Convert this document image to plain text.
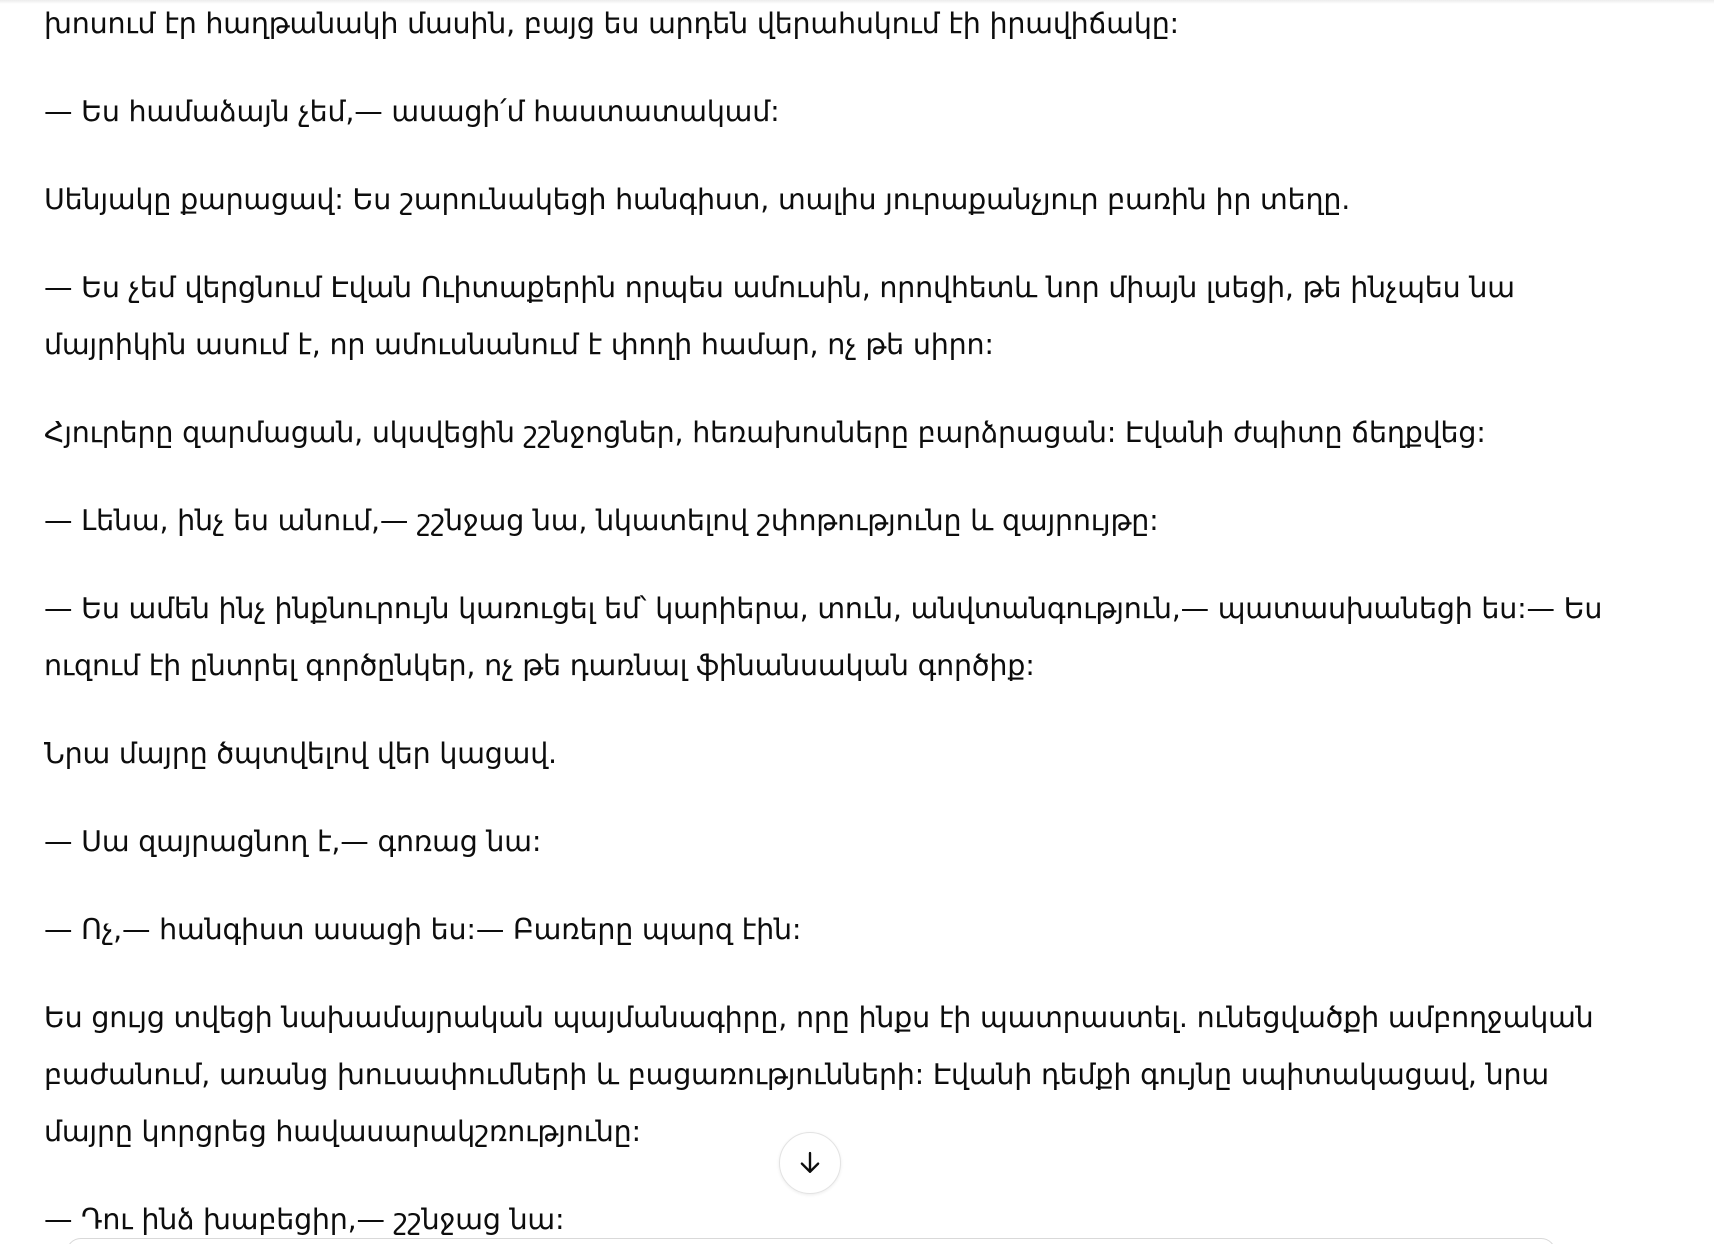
խոսում էր հաղթանակի մասին, բայց ես արդեն վերահսկում էի իրավիճակը:

— Ես համաձայն չեմ,— ասացի՛մ հաստատակամ:

Սենյակը քարացավ: Ես շարունակեցի հանգիստ, տալիս յուրաքանչյուր բառին իր տեղը.

— Ես չեմ վերցնում Էվան Ուիտաքերին որպես ամուսին, որովհետև նոր միայն լսեցի, թե ինչպես նա մայրիկին ասում է, որ ամուսնանում է փողի համար, ոչ թե սիրո:

Հյուրերը զարմացան, սկսվեցին շշնջոցներ, հեռախոսները բարձրացան: Էվանի ժպիտը ճեղքվեց:

— Լենա, ինչ ես անում,— շշնջաց նա, նկատելով շփոթությունը և զայրույթը:

— Ես ամեն ինչ ինքնուրույն կառուցել եմ՝ կարիերա, տուն, անվտանգություն,— պատասխանեցի ես:— Ես ուզում էի ընտրել գործընկեր, ոչ թե դառնալ ֆինանսական գործիք:

Նրա մայրը ծպտվելով վեր կացավ.

— Սա զայրացնող է,— գոռաց նա:

— Ոչ,— հանգիստ ասացի ես:— Բառերը պարզ էին:

Ես ցույց տվեցի նախամայրական պայմանագիրը, որը ինքս էի պատրաստել. ունեցվածքի ամբողջական բաժանում, առանց խուսափումների և բացառությունների: Էվանի դեմքի գույնը սպիտակացավ, նրա մայրը կորցրեց հավասարակշռությունը:

— Դու ինձ խաբեցիր,— շշնջաց նա:
